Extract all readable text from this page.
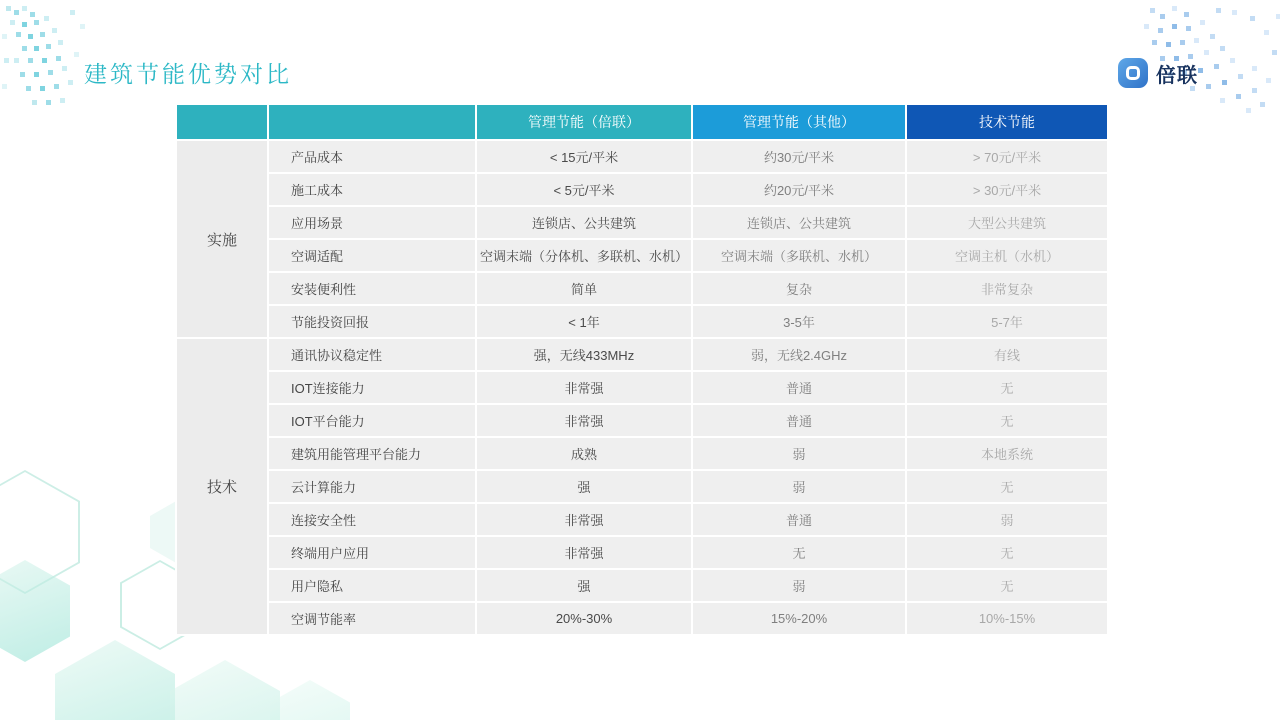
建筑节能优势对比	倍联
		管理节能（倍联）	管理节能（其他）	技术节能
实施	产品成本	< 15元/平米	约30元/平米	> 70元/平米
	施工成本	< 5元/平米	约20元/平米	> 30元/平米
	应用场景	连锁店、公共建筑	连锁店、公共建筑	大型公共建筑
	空调适配	空调末端（分体机、多联机、水机）	空调末端（多联机、水机）	空调主机（水机）
	安装便利性	简单	复杂	非常复杂
	节能投资回报	< 1年	3-5年	5-7年
技术	通讯协议稳定性	强，无线433MHz	弱，无线2.4GHz	有线
	IOT连接能力	非常强	普通	无
	IOT平台能力	非常强	普通	无
	建筑用能管理平台能力	成熟	弱	本地系统
	云计算能力	强	弱	无
	连接安全性	非常强	普通	弱
	终端用户应用	非常强	无	无
	用户隐私	强	弱	无
	空调节能率	20%-30%	15%-20%	10%-15%
